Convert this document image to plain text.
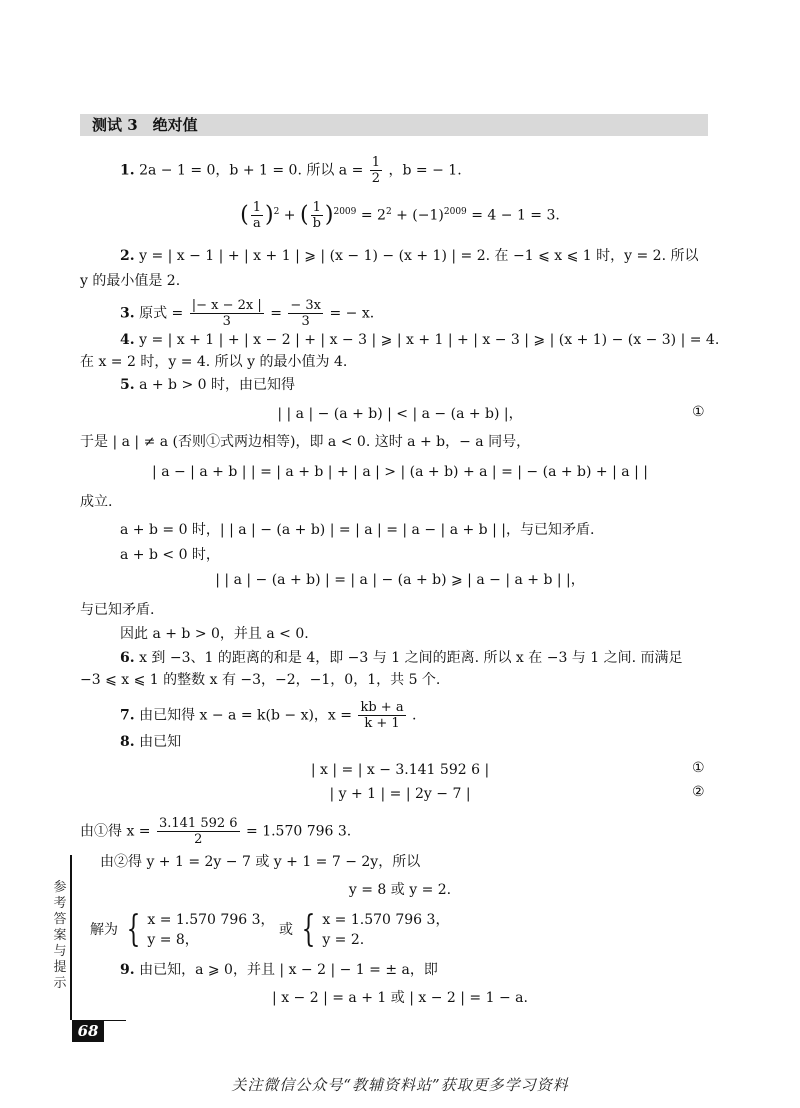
测试 3　绝对值
1. 2a − 1 = 0，b + 1 = 0. 所以 $a = \frac{1}{2}$ ，b = − 1.
( $\frac{1}{a} )^2$ + ( $\frac{1}{b} )^{2009} = 2^2 + (-1)^{2009} = 4 - 1 = 3$.
2. y = | x − 1 | + | x + 1 | ⩾ | (x − 1) − (x + 1) | = 2. 在 −1 ⩽ x ⩽ 1 时，y = 2. 所以
y 的最小值是 2.
3. 原式 = $\frac{|- x - 2x |}{3} = \frac{- 3x}{3}$ = − x.
4. y = | x + 1 | + | x − 2 | + | x − 3 | ⩾ | x + 1 | + | x − 3 | ⩾ | (x + 1) − (x − 3) | = 4.
在 x = 2 时，y = 4. 所以 y 的最小值为 4.
5. a + b > 0 时，由已知得
| | a | − (a + b) | < | a − (a + b) |，	①
于是 | a | ≠ a (否则①式两边相等)，即 a < 0. 这时 a + b，− a 同号，
| a − | a + b | | = | a + b | + | a | > | (a + b) + a | = | − (a + b) + | a | |
成立.
a + b = 0 时，| | a | − (a + b) | = | a | = | a − | a + b | |，与已知矛盾.
a + b < 0 时，
| | a | − (a + b) | = | a | − (a + b) ⩾ | a − | a + b | |，
与已知矛盾.
因此 a + b > 0，并且 a < 0.
6. x 到 −3、1 的距离的和是 4，即 −3 与 1 之间的距离. 所以 x 在 −3 与 1 之间. 而满足
−3 ⩽ x ⩽ 1 的整数 x 有 −3，−2，−1，0，1，共 5 个.
7. 由已知得 x − a = k(b − x)，$x = \frac{kb + a}{k + 1}$ .
8. 由已知
| x | = | x − 3.141 592 6 |	①
| y + 1 | = | 2y − 7 |	②
由①得 $x = \frac{3.141 592 6}{2} = 1.570$ 796 3.
由②得 y + 1 = 2y − 7 或 y + 1 = 7 − 2y，所以
y = 8 或 y = 2.
解为 { x = 1.570 796 3，
y = 8，
或 { x = 1.570 796 3，
y = 2.
9. 由已知，a ⩾ 0，并且 | x − 2 | − 1 = ± a，即
| x − 2 | = a + 1 或 | x − 2 | = 1 − a.
参考答案与提示
68
关注微信公众号“教辅资料站”获取更多学习资料
